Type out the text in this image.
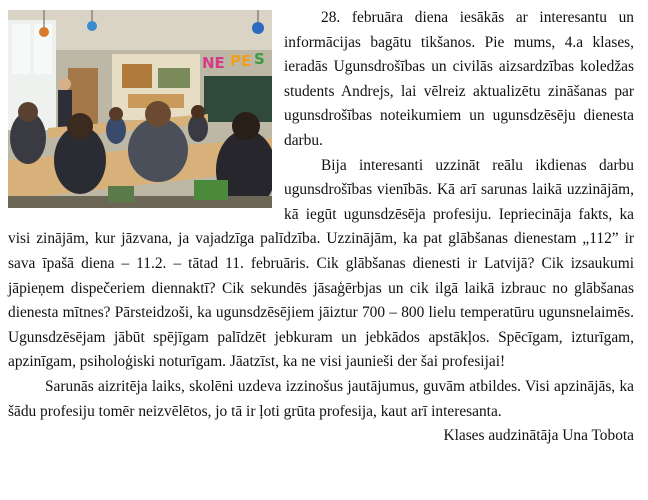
NE PE S

28. februāra diena iesākās ar interesantu un informācijas bagātu tikšanos. Pie mums, 4.a klases, ieradās Ugunsdrošības un civilās aizsardzības koledžas students Andrejs, lai vēlreiz aktualizētu zināšanas par ugunsdrošības noteikumiem un ugunsdzēsēju dienesta darbu.

Bija interesanti uzzināt reālu ikdienas darbu ugunsdrošības vienībās. Kā arī sarunas laikā uzzinājām, kā iegūt ugunsdzēsēja profesiju. Iepriecināja fakts, ka visi zinājām, kur jāzvana, ja vajadzīga palīdzība. Uzzinājām, ka pat glābšanas dienestam „112” ir sava īpašā diena – 11.2. – tātad 11. februāris. Cik glābšanas dienesti ir Latvijā? Cik izsaukumi jāpieņem dispečeriem diennaktī? Cik sekundēs jāsaģērbjas un cik ilgā laikā izbrauc no glābšanas dienesta mītnes? Pārsteidzoši, ka ugunsdzēsējiem jāiztur 700 – 800 lielu temperatūru ugunsnelaimēs. Ugunsdzēsējam jābūt spējīgam palīdzēt jebkuram un jebkādos apstākļos. Spēcīgam, izturīgam, apzinīgam, psiholoģiski noturīgam. Jāatzīst, ka ne visi jaunieši der šai profesijai!

Sarunās aizritēja laiks, skolēni uzdeva izzinošus jautājumus, guvām atbildes. Visi apzinājās, ka šādu profesiju tomēr neizvēlētos, jo tā ir ļoti grūta profesija, kaut arī interesanta.

Klases audzinātāja Una Tobota
